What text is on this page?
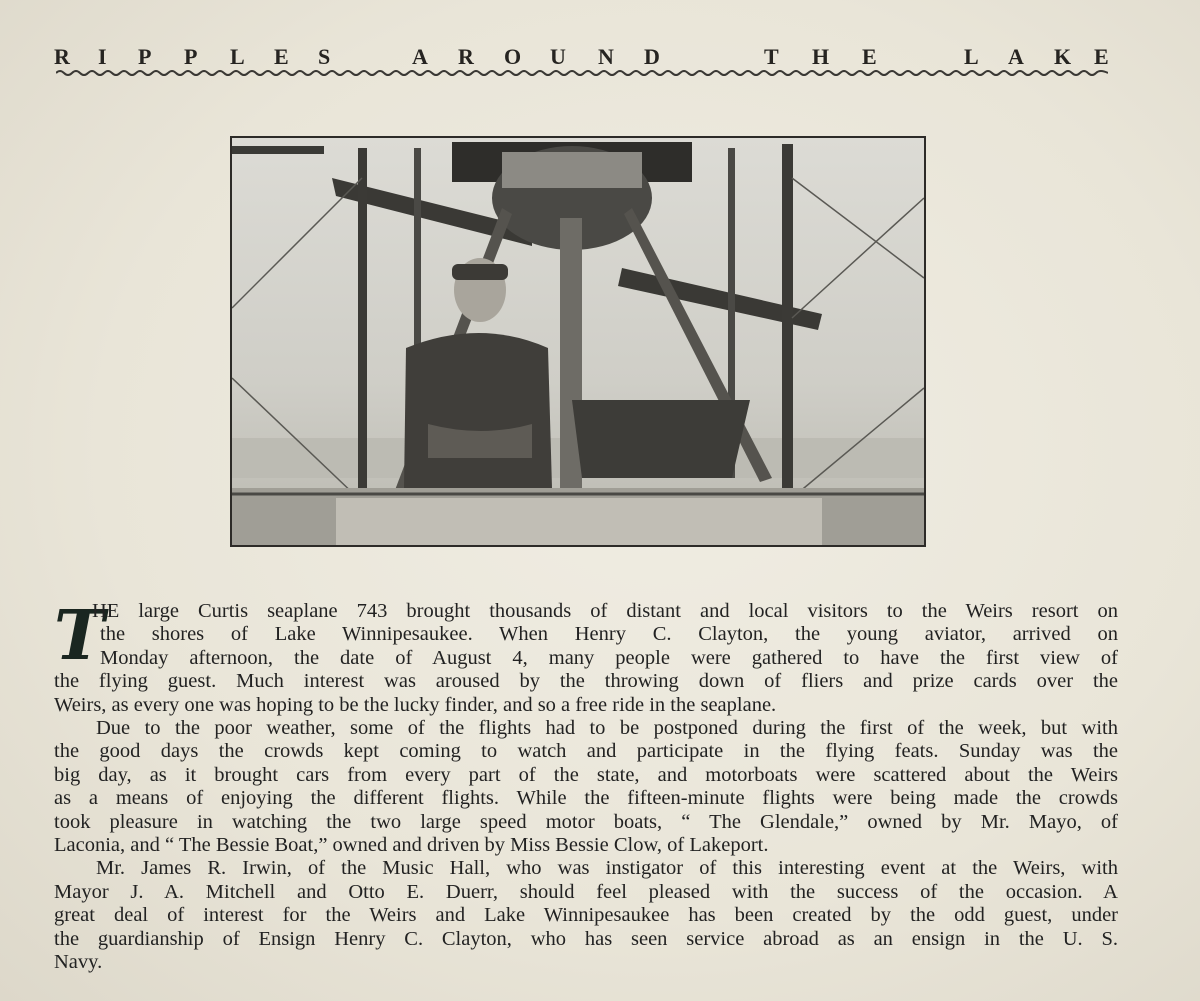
R I P P L E S	A R O U N D	T H E	L A K E
T

HE large Curtis seaplane 743 brought thousands of distant and local visitors to the Weirs resort on
the shores of Lake Winnipesaukee. When Henry C. Clayton, the young aviator, arrived on
Monday afternoon, the date of August 4, many people were gathered to have the first view of
the flying guest. Much interest was aroused by the throwing down of fliers and prize cards over the
Weirs, as every one was hoping to be the lucky finder, and so a free ride in the seaplane.

Due to the poor weather, some of the flights had to be postponed during the first of the week, but with
the good days the crowds kept coming to watch and participate in the flying feats. Sunday was the
big day, as it brought cars from every part of the state, and motorboats were scattered about the Weirs
as a means of enjoying the different flights. While the fifteen-minute flights were being made the crowds
took pleasure in watching the two large speed motor boats, “ The Glendale,” owned by Mr. Mayo, of
Laconia, and “ The Bessie Boat,” owned and driven by Miss Bessie Clow, of Lakeport.

Mr. James R. Irwin, of the Music Hall, who was instigator of this interesting event at the Weirs, with
Mayor J. A. Mitchell and Otto E. Duerr, should feel pleased with the success of the occasion. A
great deal of interest for the Weirs and Lake Winnipesaukee has been created by the odd guest, under
the guardianship of Ensign Henry C. Clayton, who has seen service abroad as an ensign in the U. S.
Navy.
